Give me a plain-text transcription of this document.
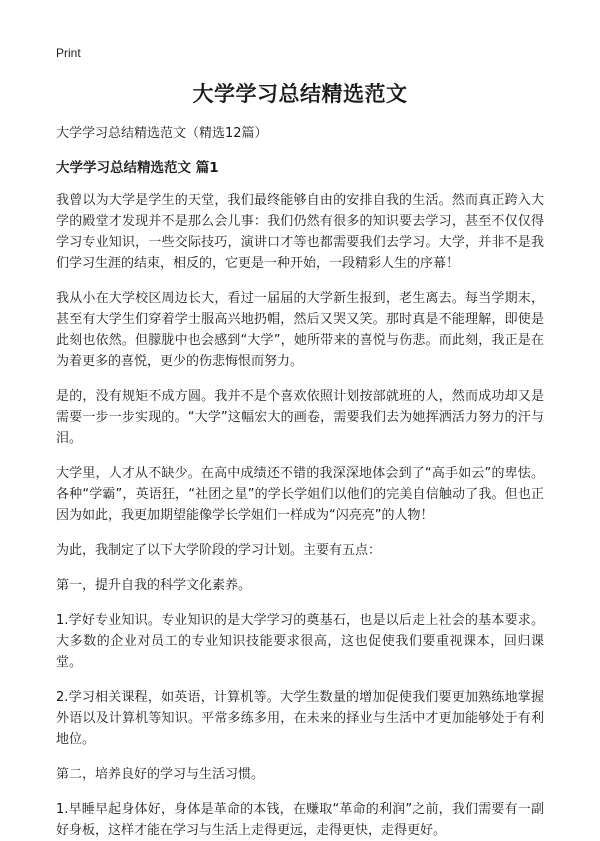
Print
大学学习总结精选范文
大学学习总结精选范文（精选12篇）
大学学习总结精选范文 篇1

我曾以为大学是学生的天堂，我们最终能够自由的安排自我的生活。然而真正跨入大学的殿堂才发现并不是那么会儿事：我们仍然有很多的知识要去学习，甚至不仅仅得学习专业知识，一些交际技巧，演讲口才等也都需要我们去学习。大学，并非不是我们学习生涯的结束，相反的，它更是一种开始，一段精彩人生的序幕！

我从小在大学校区周边长大，看过一届届的大学新生报到，老生离去。每当学期末，甚至有大学生们穿着学士服高兴地扔帽，然后又哭又笑。那时真是不能理解，即使是此刻也依然。但朦胧中也会感到“大学”，她所带来的喜悦与伤悲。而此刻，我正是在为着更多的喜悦，更少的伤悲悔恨而努力。

是的，没有规矩不成方圆。我并不是个喜欢依照计划按部就班的人，然而成功却又是需要一步一步实现的。“大学”这幅宏大的画卷，需要我们去为她挥洒活力努力的汗与泪。

大学里，人才从不缺少。在高中成绩还不错的我深深地体会到了“高手如云”的卑怯。各种“学霸”，英语狂，“社团之星”的学长学姐们以他们的完美自信触动了我。但也正因为如此，我更加期望能像学长学姐们一样成为“闪亮亮”的人物！

为此，我制定了以下大学阶段的学习计划。主要有五点：

第一，提升自我的科学文化素养。

1.学好专业知识。专业知识的是大学学习的奠基石，也是以后走上社会的基本要求。大多数的企业对员工的专业知识技能要求很高，这也促使我们要重视课本，回归课堂。

2.学习相关课程，如英语，计算机等。大学生数量的增加促使我们要更加熟练地掌握外语以及计算机等知识。平常多练多用，在未来的择业与生活中才更加能够处于有利地位。

第二，培养良好的学习与生活习惯。

1.早睡早起身体好，身体是革命的本钱，在赚取“革命的利润”之前，我们需要有一副好身板，这样才能在学习与生活上走得更远，走得更快，走得更好。
